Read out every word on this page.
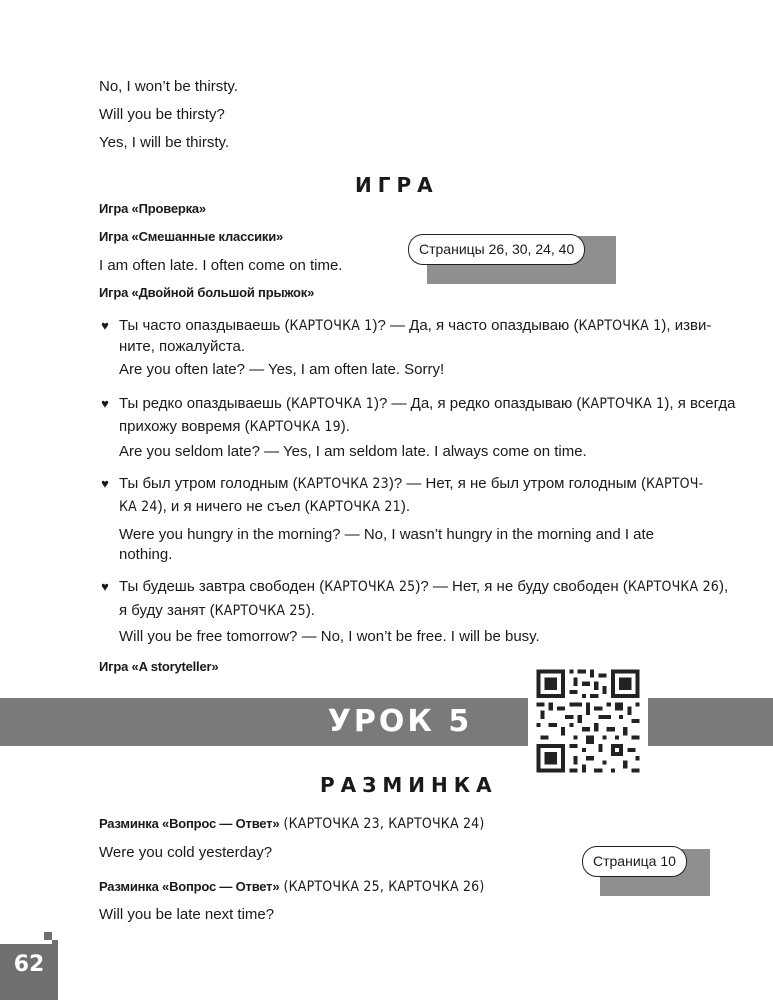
No, I won’t be thirsty.
Will you be thirsty?
Yes, I will be thirsty.
ИГРА
Игра «Проверка»
Игра «Смешанные классики»
Страницы 26, 30, 24, 40
I am often late. I often come on time.
Игра «Двойной большой прыжок»
♥ Ты часто опаздываешь (КАРТОЧКА 1)? — Да, я часто опаздываю (КАРТОЧКА 1), изви-
ните, пожалуйста.
Are you often late? — Yes, I am often late. Sorry!
♥ Ты редко опаздываешь (КАРТОЧКА 1)? — Да, я редко опаздываю (КАРТОЧКА 1), я всегда
прихожу вовремя (КАРТОЧКА 19).
Are you seldom late? — Yes, I am seldom late. I always come on time.
♥ Ты был утром голодным (КАРТОЧКА 23)? — Нет, я не был утром голодным (КАРТОЧ-
КА 24), и я ничего не съел (КАРТОЧКА 21).
Were you hungry in the morning? — No, I wasn’t hungry in the morning and I ate
nothing.
♥ Ты будешь завтра свободен (КАРТОЧКА 25)? — Нет, я не буду свободен (КАРТОЧКА 26),
я буду занят (КАРТОЧКА 25).
Will you be free tomorrow? — No, I won’t be free. I will be busy.
Игра «A storyteller»
УРОК 5
РАЗМИНКА
Разминка «Вопрос — Ответ» (КАРТОЧКА 23, КАРТОЧКА 24)
Were you cold yesterday?	Страница 10
Разминка «Вопрос — Ответ» (КАРТОЧКА 25, КАРТОЧКА 26)
Will you be late next time?
62
